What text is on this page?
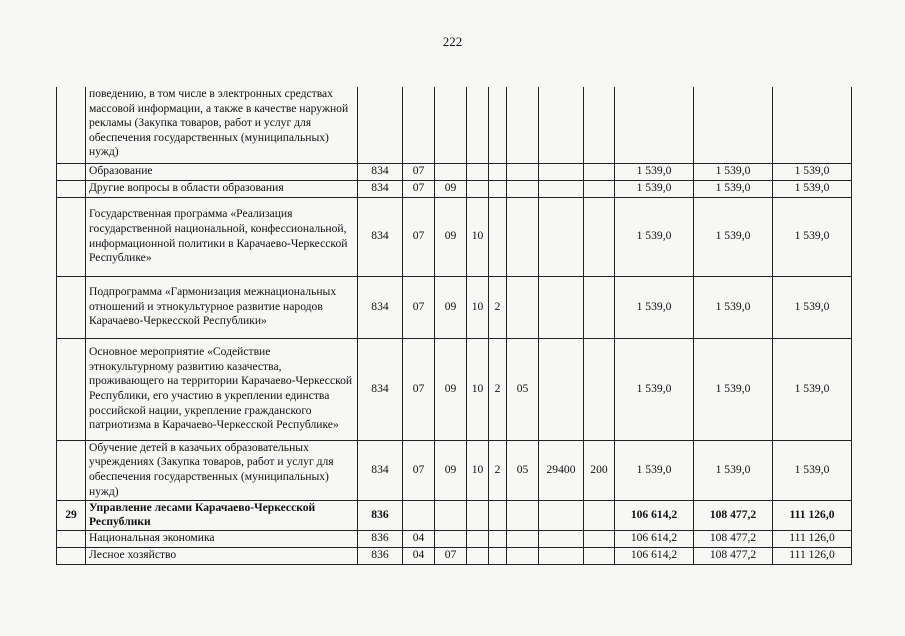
222
	поведению, в том числе в электронных средствах массовой информации, а также в качестве наружной рекламы (Закупка товаров, работ и услуг для обеспечения государственных (муниципальных) нужд)											
	Образование	834	07							1 539,0	1 539,0	1 539,0
	Другие вопросы в области образования	834	07	09						1 539,0	1 539,0	1 539,0
	Государственная программа «Реализация государственной национальной, конфессиональной, информационной политики в Карачаево-Черкесской Республике»	834	07	09	10					1 539,0	1 539,0	1 539,0
	Подпрограмма «Гармонизация межнациональных отношений и этнокультурное развитие народов Карачаево-Черкесской Республики»	834	07	09	10	2				1 539,0	1 539,0	1 539,0
	Основное мероприятие «Содействие этнокультурному развитию казачества, проживающего на территории Карачаево-Черкесской Республики, его участию в укреплении единства российской нации, укрепление гражданского патриотизма в Карачаево-Черкесской Республике»	834	07	09	10	2	05			1 539,0	1 539,0	1 539,0
	Обучение детей в казачьих образовательных учреждениях (Закупка товаров, работ и услуг для обеспечения государственных (муниципальных) нужд)	834	07	09	10	2	05	29400	200	1 539,0	1 539,0	1 539,0
29	Управление лесами Карачаево-Черкесской Республики	836								106 614,2	108 477,2	111 126,0
	Национальная экономика	836	04							106 614,2	108 477,2	111 126,0
	Лесное хозяйство	836	04	07						106 614,2	108 477,2	111 126,0
